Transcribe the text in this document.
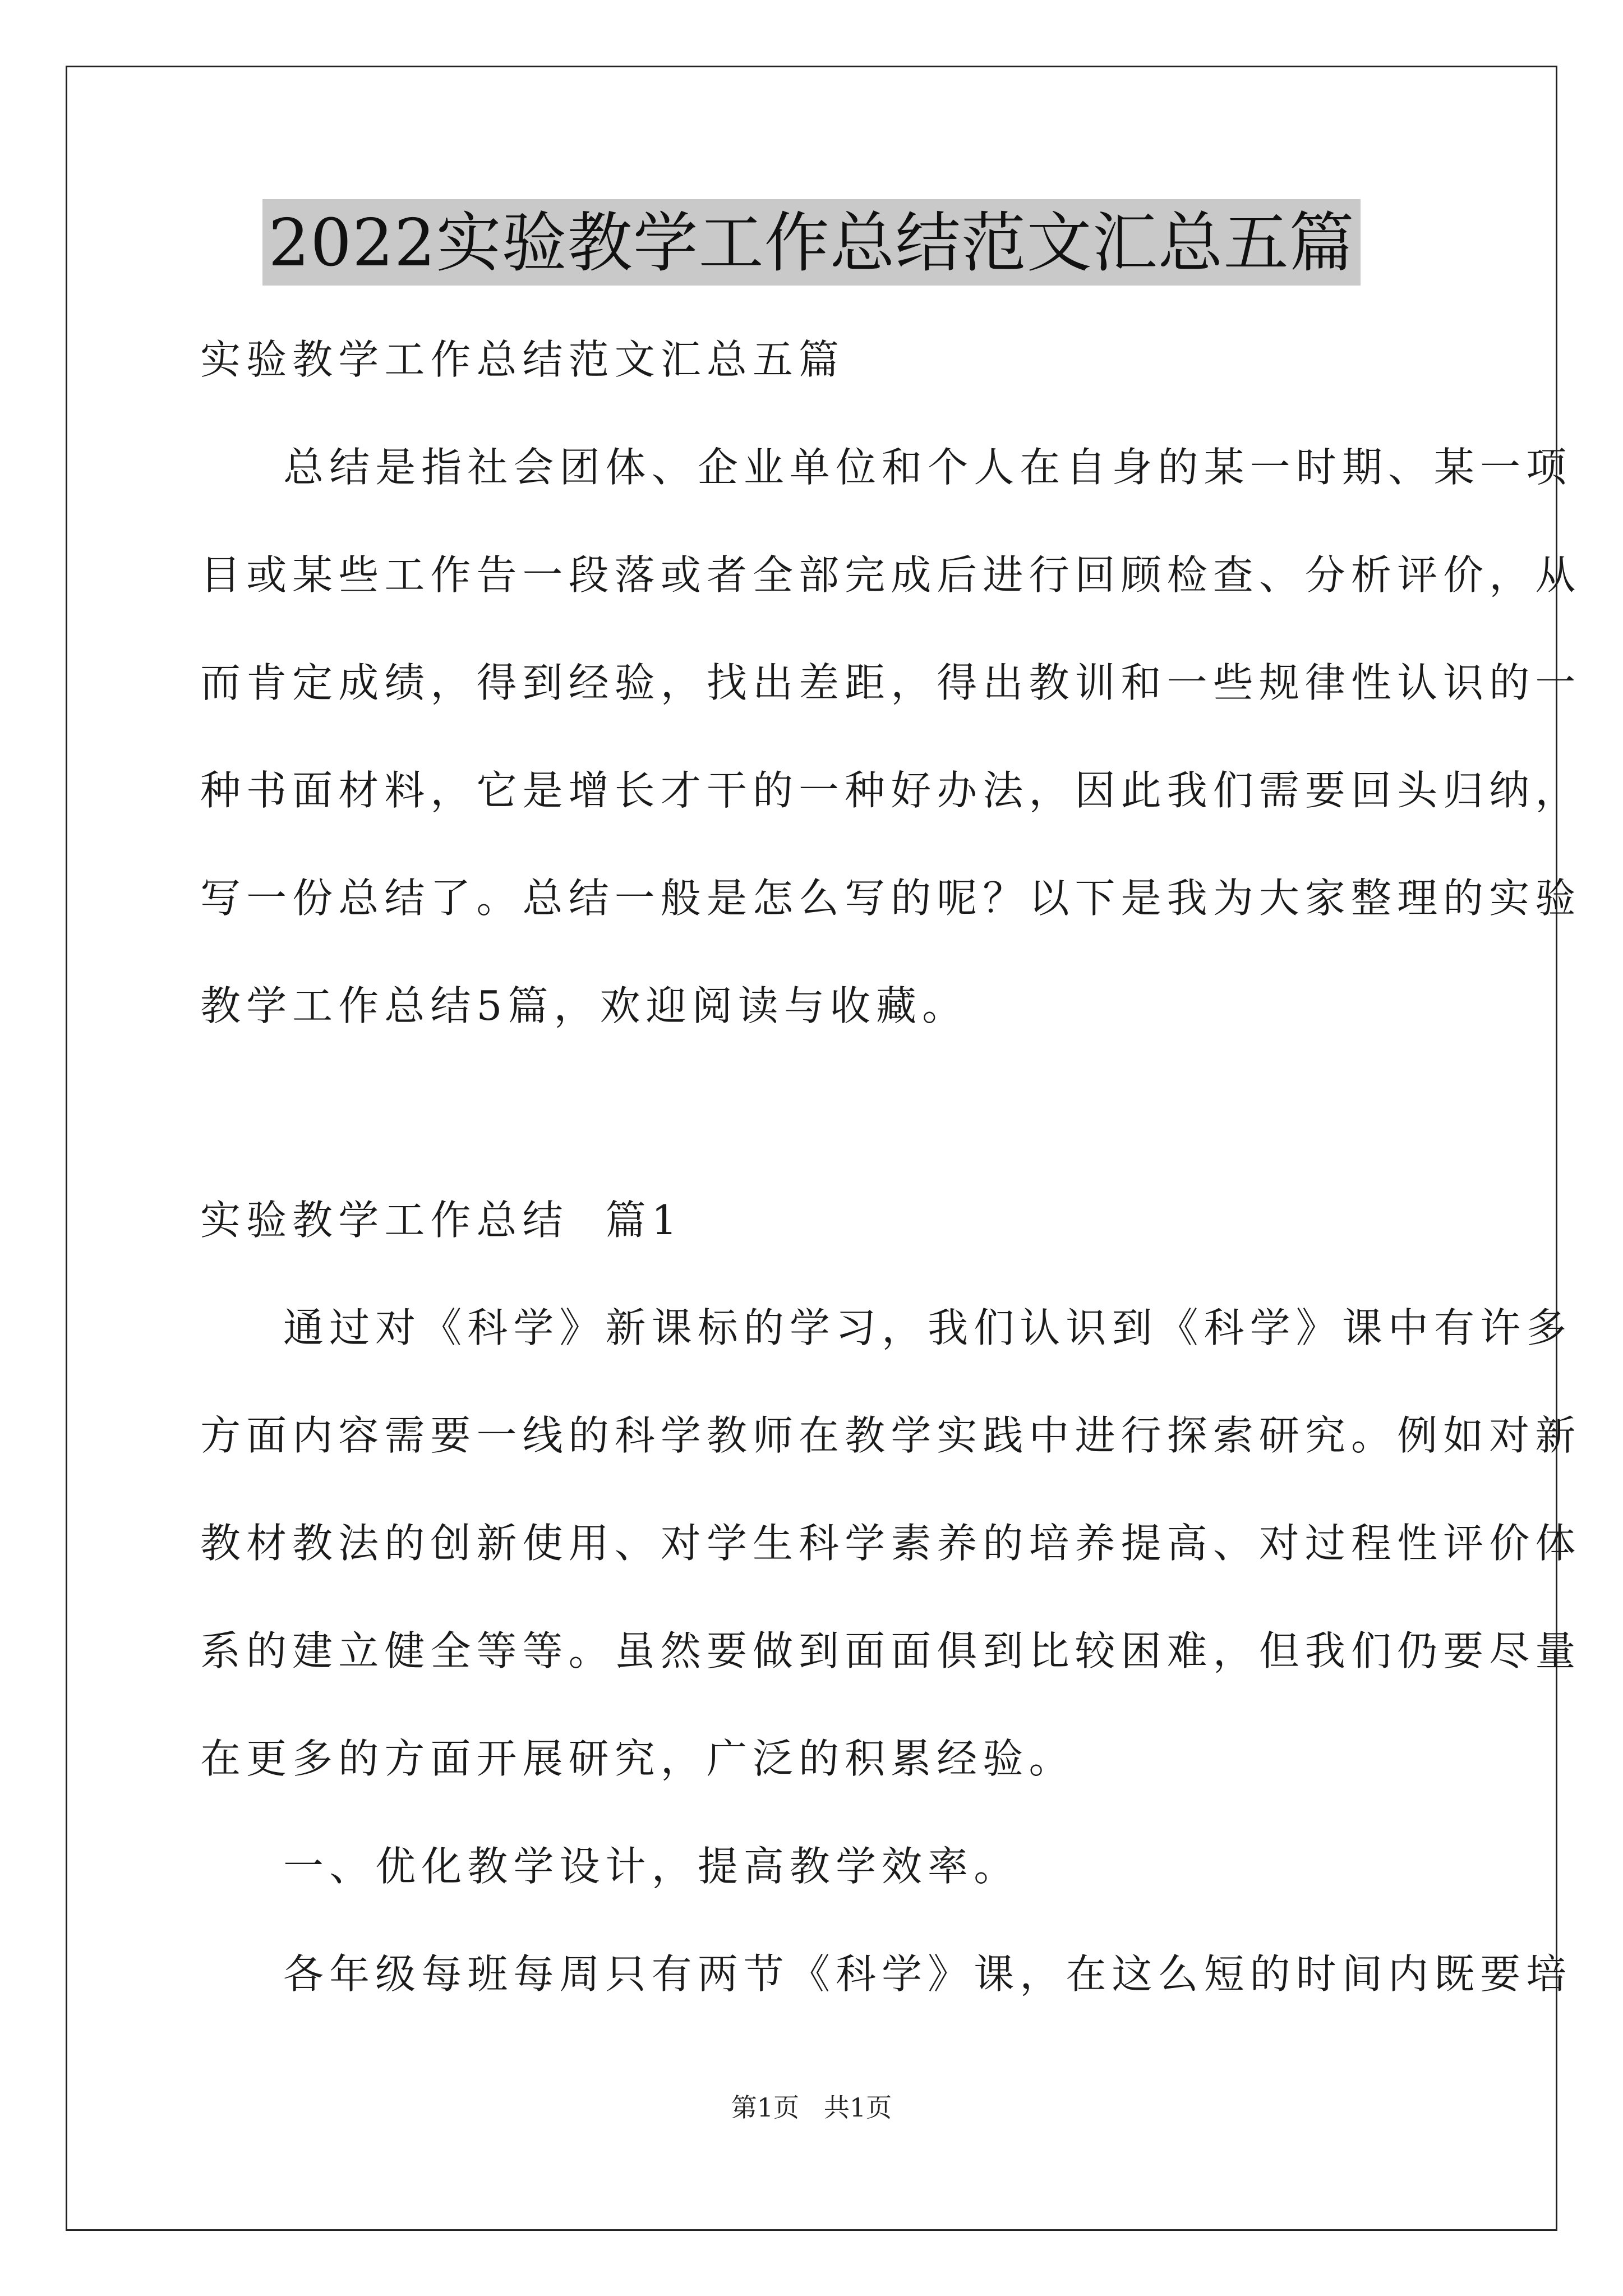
2022实验教学工作总结范文汇总五篇
实验教学工作总结范文汇总五篇
总结是指社会团体、企业单位和个人在自身的某一时期、某一项
目或某些工作告一段落或者全部完成后进行回顾检查、分析评价，从
而肯定成绩，得到经验，找出差距，得出教训和一些规律性认识的一
种书面材料，它是增长才干的一种好办法，因此我们需要回头归纳，
写一份总结了。总结一般是怎么写的呢？以下是我为大家整理的实验
教学工作总结5篇，欢迎阅读与收藏。
实验教学工作总结  篇1
通过对《科学》新课标的学习，我们认识到《科学》课中有许多
方面内容需要一线的科学教师在教学实践中进行探索研究。例如对新
教材教法的创新使用、对学生科学素养的培养提高、对过程性评价体
系的建立健全等等。虽然要做到面面俱到比较困难，但我们仍要尽量
在更多的方面开展研究，广泛的积累经验。
一、优化教学设计，提高教学效率。
各年级每班每周只有两节《科学》课，在这么短的时间内既要培
第1页   共1页
